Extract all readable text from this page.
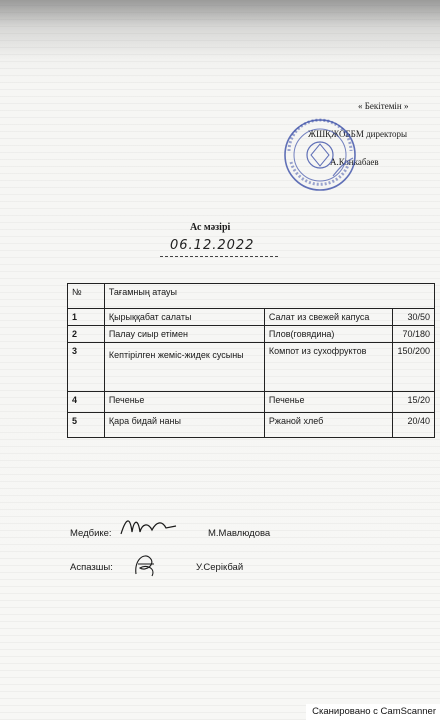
« Бекітемін »
ЖШҚЖОББМ директоры
А.Конкабаев
Ас мәзірі
06.12.2022
№	Тағамның атауы		
1	Қырыққабат салаты	Салат из свежей капуса	30/50
2	Палау сиыр етімен	Плов(говядина)	70/180
3	Кептірілген жеміс-жидек сусыны	Компот из сухофруктов	150/200
4	Печенье	Печенье	15/20
5	Қара бидай наны	Ржаной хлеб	20/40
Медбике:	М.Мавлюдова
Аспазшы:	У.Серікбай
Сканировано с CamScanner
